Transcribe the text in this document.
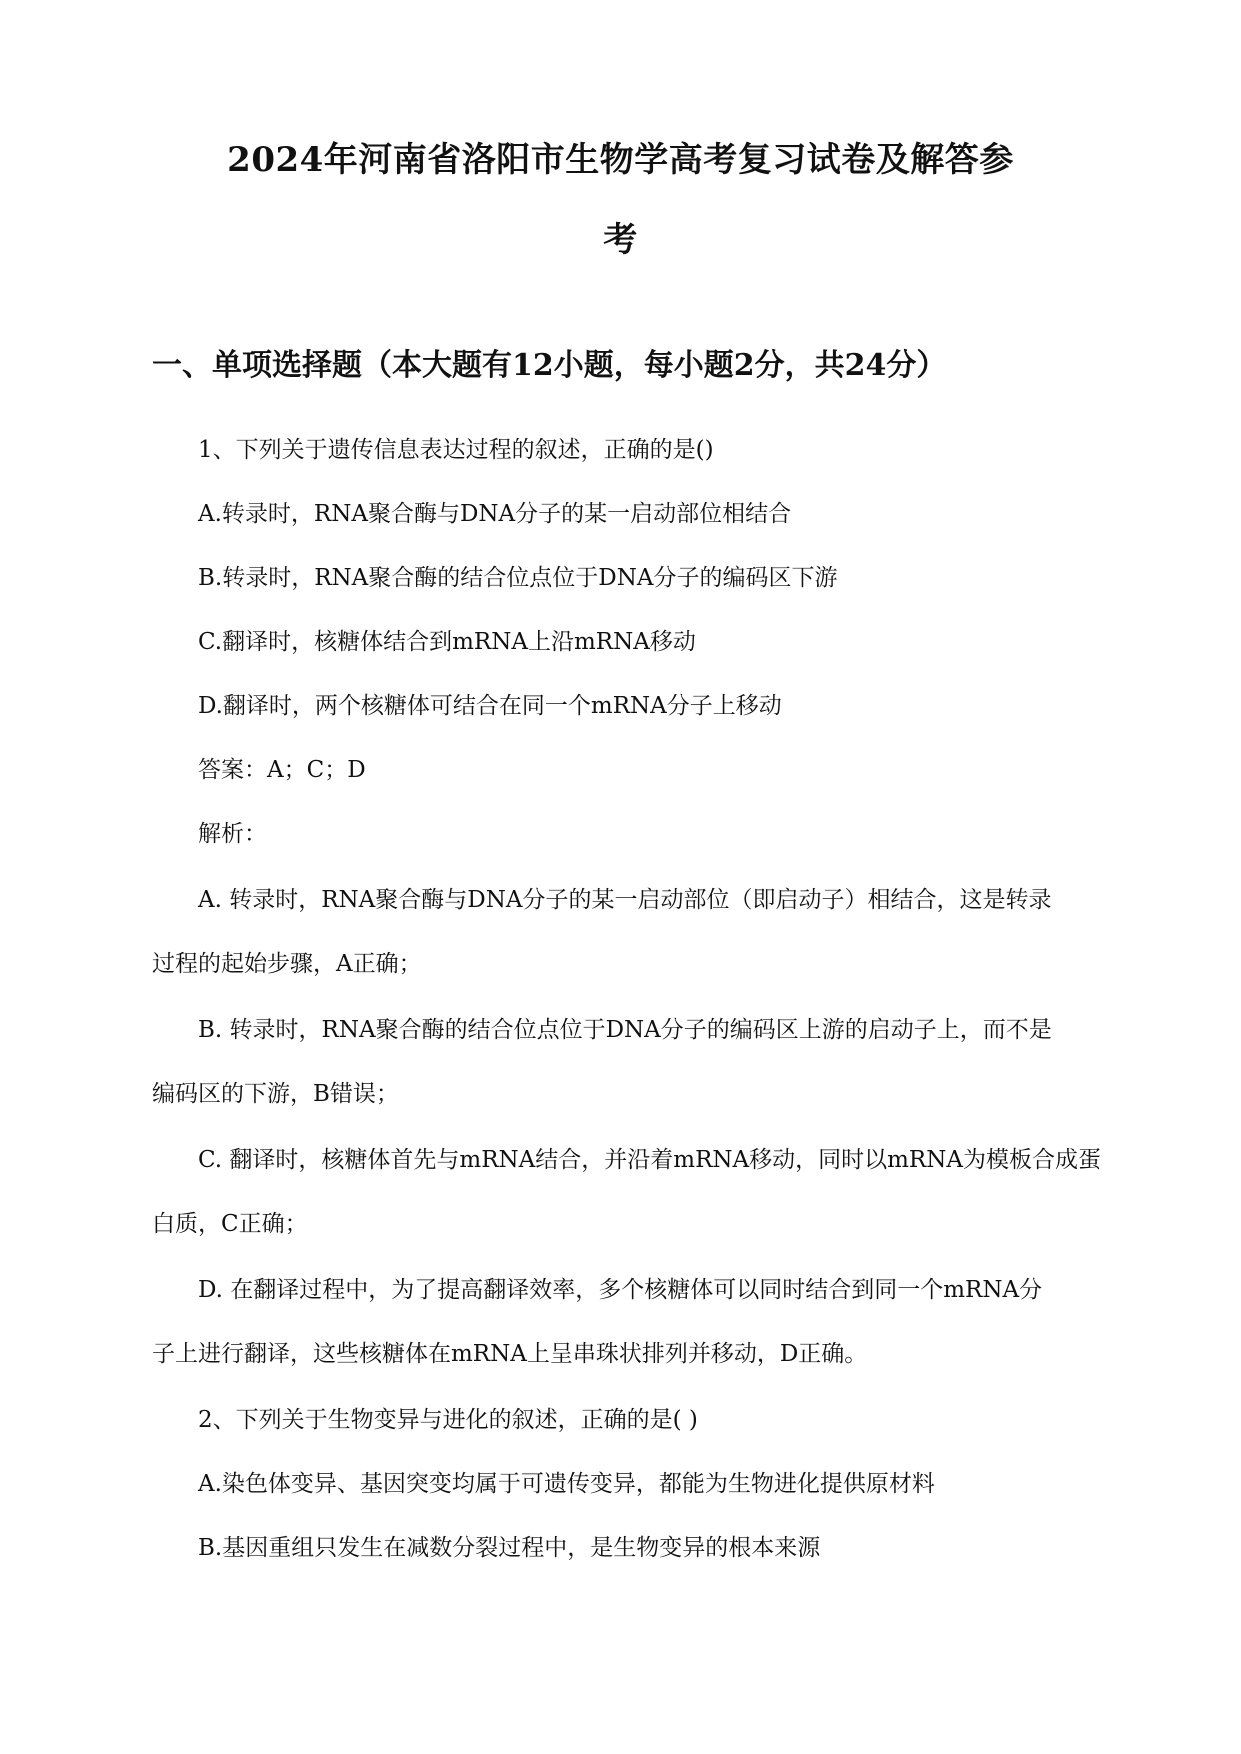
2024年河南省洛阳市生物学高考复习试卷及解答参
考
一、单项选择题（本大题有12小题，每小题2分，共24分）

1、下列关于遗传信息表达过程的叙述，正确的是()

A.转录时，RNA聚合酶与DNA分子的某一启动部位相结合

B.转录时，RNA聚合酶的结合位点位于DNA分子的编码区下游

C.翻译时，核糖体结合到mRNA上沿mRNA移动

D.翻译时，两个核糖体可结合在同一个mRNA分子上移动

答案：A；C；D

解析：

A. 转录时，RNA聚合酶与DNA分子的某一启动部位（即启动子）相结合，这是转录

过程的起始步骤，A正确；

B. 转录时，RNA聚合酶的结合位点位于DNA分子的编码区上游的启动子上，而不是

编码区的下游，B错误；

C. 翻译时，核糖体首先与mRNA结合，并沿着mRNA移动，同时以mRNA为模板合成蛋

白质，C正确；

D. 在翻译过程中，为了提高翻译效率，多个核糖体可以同时结合到同一个mRNA分

子上进行翻译，这些核糖体在mRNA上呈串珠状排列并移动，D正确。

2、下列关于生物变异与进化的叙述，正确的是( )

A.染色体变异、基因突变均属于可遗传变异，都能为生物进化提供原材料

B.基因重组只发生在减数分裂过程中，是生物变异的根本来源
